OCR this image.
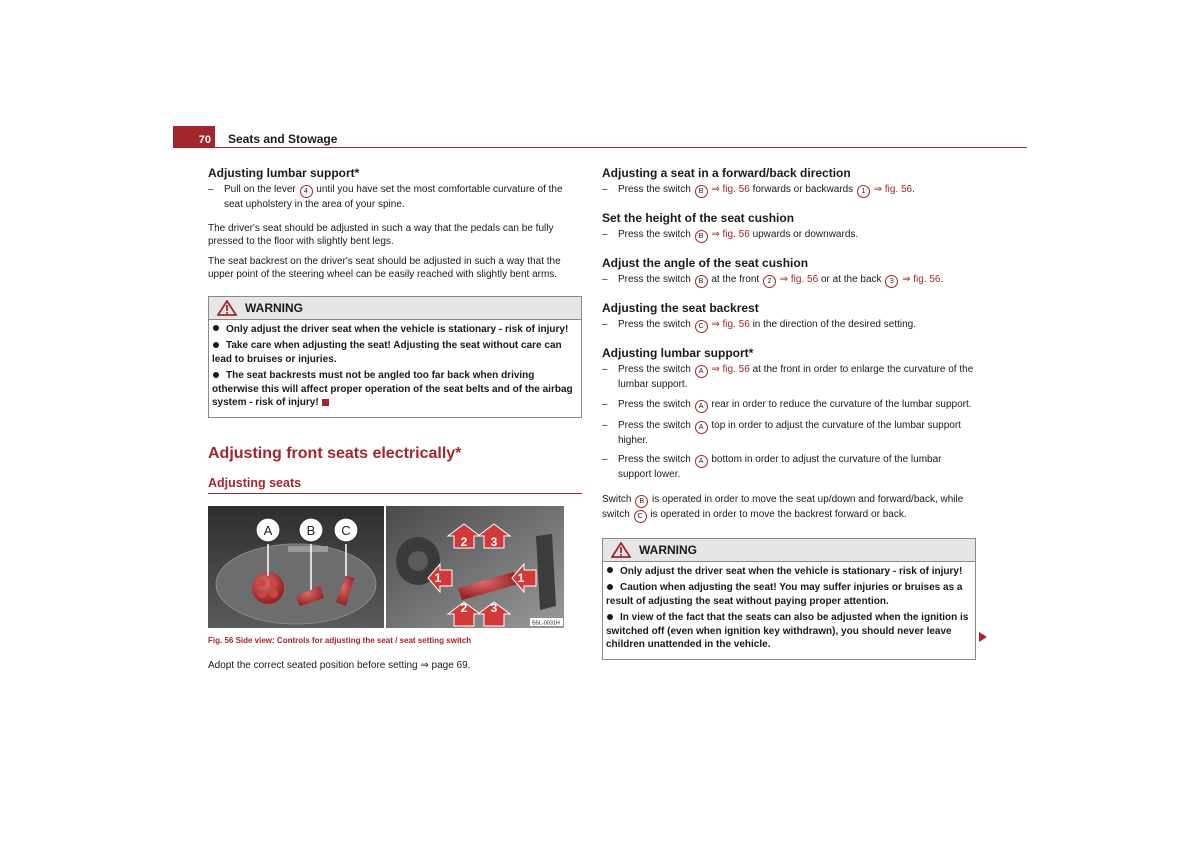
70	Seats and Stowage
Adjusting lumbar support*
– Pull on the lever 4 until you have set the most comfortable curvature of the seat upholstery in the area of your spine.

The driver's seat should be adjusted in such a way that the pedals can be fully pressed to the floor with slightly bent legs.

The seat backrest on the driver's seat should be adjusted in such a way that the upper point of the steering wheel can be easily reached with slightly bent arms.

WARNING

Only adjust the driver seat when the vehicle is stationary - risk of injury!

Take care when adjusting the seat! Adjusting the seat without care can lead to bruises or injuries.

The seat backrests must not be angled too far back when driving otherwise this will affect proper operation of the seat belts and of the airbag system - risk of injury!

Adjusting front seats electrically*
Adjusting seats
A	B C
2 3
1	1
2 3
B5L-0031H
Fig. 56 Side view: Controls for adjusting the seat / seat setting switch

Adopt the correct seated position before setting ⇒ page 69.

Adjusting a seat in a forward/back direction
– Press the switch B ⇒ fig. 56 forwards or backwards 1 ⇒ fig. 56.
Set the height of the seat cushion
– Press the switch B ⇒ fig. 56 upwards or downwards.
Adjust the angle of the seat cushion
– Press the switch B at the front 2 ⇒ fig. 56 or at the back 3 ⇒ fig. 56.
Adjusting the seat backrest
– Press the switch C ⇒ fig. 56 in the direction of the desired setting.
Adjusting lumbar support*
– Press the switch A ⇒ fig. 56 at the front in order to enlarge the curvature of the lumbar support.
– Press the switch A rear in order to reduce the curvature of the lumbar support.
– Press the switch A top in order to adjust the curvature of the lumbar support higher.
– Press the switch A bottom in order to adjust the curvature of the lumbar support lower.

Switch B is operated in order to move the seat up/down and forward/back, while switch C is operated in order to move the backrest forward or back.

WARNING

Only adjust the driver seat when the vehicle is stationary - risk of injury!

Caution when adjusting the seat! You may suffer injuries or bruises as a result of adjusting the seat without paying proper attention.

In view of the fact that the seats can also be adjusted when the ignition is switched off (even when ignition key withdrawn), you should never leave children unattended in the vehicle.
